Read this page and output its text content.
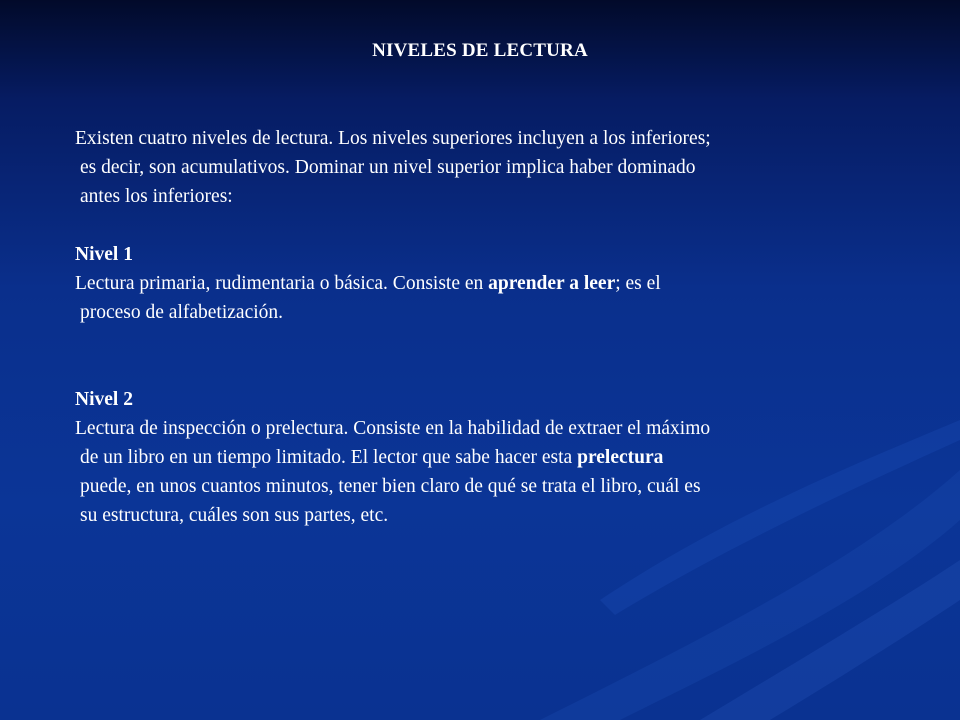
NIVELES DE LECTURA
Existen cuatro niveles de lectura. Los niveles superiores incluyen a los inferiores;
es decir, son acumulativos. Dominar un nivel superior implica haber dominado
antes los inferiores:
Nivel 1
Lectura primaria, rudimentaria o básica. Consiste en aprender a leer; es el
proceso de alfabetización.
Nivel 2
Lectura de inspección o prelectura. Consiste en la habilidad de extraer el máximo
de un libro en un tiempo limitado. El lector que sabe hacer esta prelectura
puede, en unos cuantos minutos, tener bien claro de qué se trata el libro, cuál es
su estructura, cuáles son sus partes, etc.
